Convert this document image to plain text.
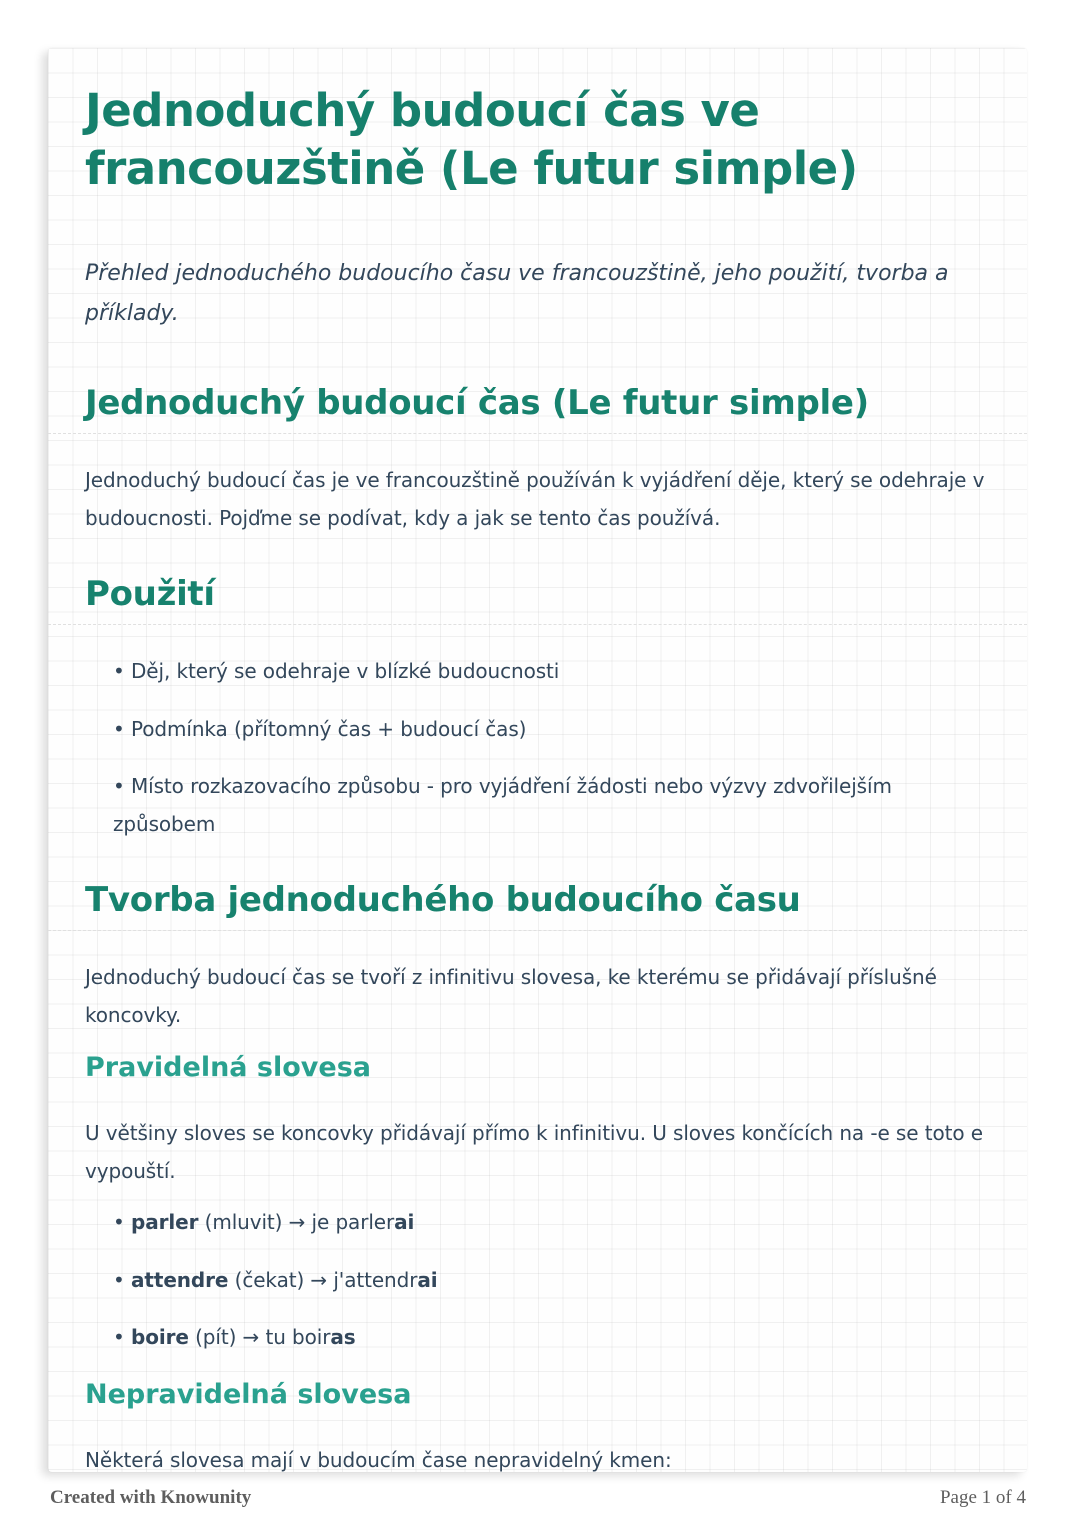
Jednoduchý budoucí čas ve francouzštině (Le futur simple)

Přehled jednoduchého budoucího času ve francouzštině, jeho použití, tvorba a příklady.

Jednoduchý budoucí čas (Le futur simple)

Jednoduchý budoucí čas je ve francouzštině používán k vyjádření děje, který se odehraje v budoucnosti. Pojďme se podívat, kdy a jak se tento čas používá.

Použití
• Děj, který se odehraje v blízké budoucnosti
• Podmínka (přítomný čas + budoucí čas)
• Místo rozkazovacího způsobu - pro vyjádření žádosti nebo výzvy zdvořilejším způsobem
Tvorba jednoduchého budoucího času

Jednoduchý budoucí čas se tvoří z infinitivu slovesa, ke kterému se přidávají příslušné koncovky.

Pravidelná slovesa

U většiny sloves se koncovky přidávají přímo k infinitivu. U sloves končících na -e se toto e vypouští.

• parler (mluvit) → je parlerai
• attendre (čekat) → j'attendrai
• boire (pít) → tu boiras
Nepravidelná slovesa

Některá slovesa mají v budoucím čase nepravidelný kmen:

Created with Knowunity	Page 1 of 4
